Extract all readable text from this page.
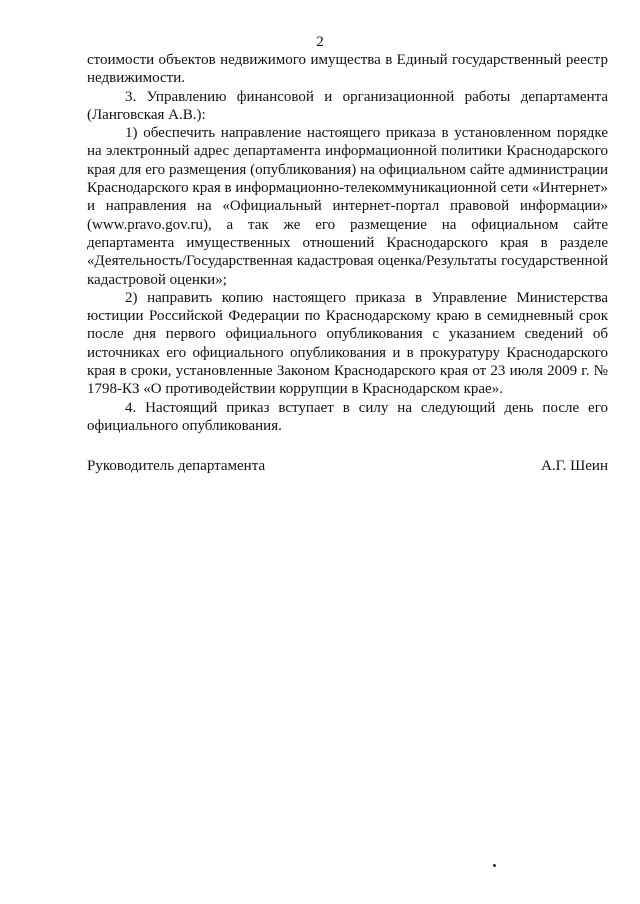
2

стоимости объектов недвижимого имущества в Единый государственный реестр недвижимости.

3. Управлению финансовой и организационной работы департамента (Ланговская А.В.):

1) обеспечить направление настоящего приказа в установленном порядке на электронный адрес департамента информационной политики Краснодарского края для его размещения (опубликования) на официальном сайте администрации Краснодарского края в информационно-телекоммуникационной сети «Интернет» и направления на «Официальный интернет-портал правовой информации» (www.pravo.gov.ru), а так же его размещение на официальном сайте департамента имущественных отношений Краснодарского края в разделе «Деятельность/Государственная кадастровая оценка/Результаты государственной кадастровой оценки»;

2) направить копию настоящего приказа в Управление Министерства юстиции Российской Федерации по Краснодарскому краю в семидневный срок после дня первого официального опубликования с указанием сведений об источниках его официального опубликования и в прокуратуру Краснодарского края в сроки, установленные Законом Краснодарского края от 23 июля 2009 г. № 1798-КЗ «О противодействии коррупции в Краснодарском крае».

4. Настоящий приказ вступает в силу на следующий день после его официального опубликования.

Руководитель департамента	А.Г. Шеин
